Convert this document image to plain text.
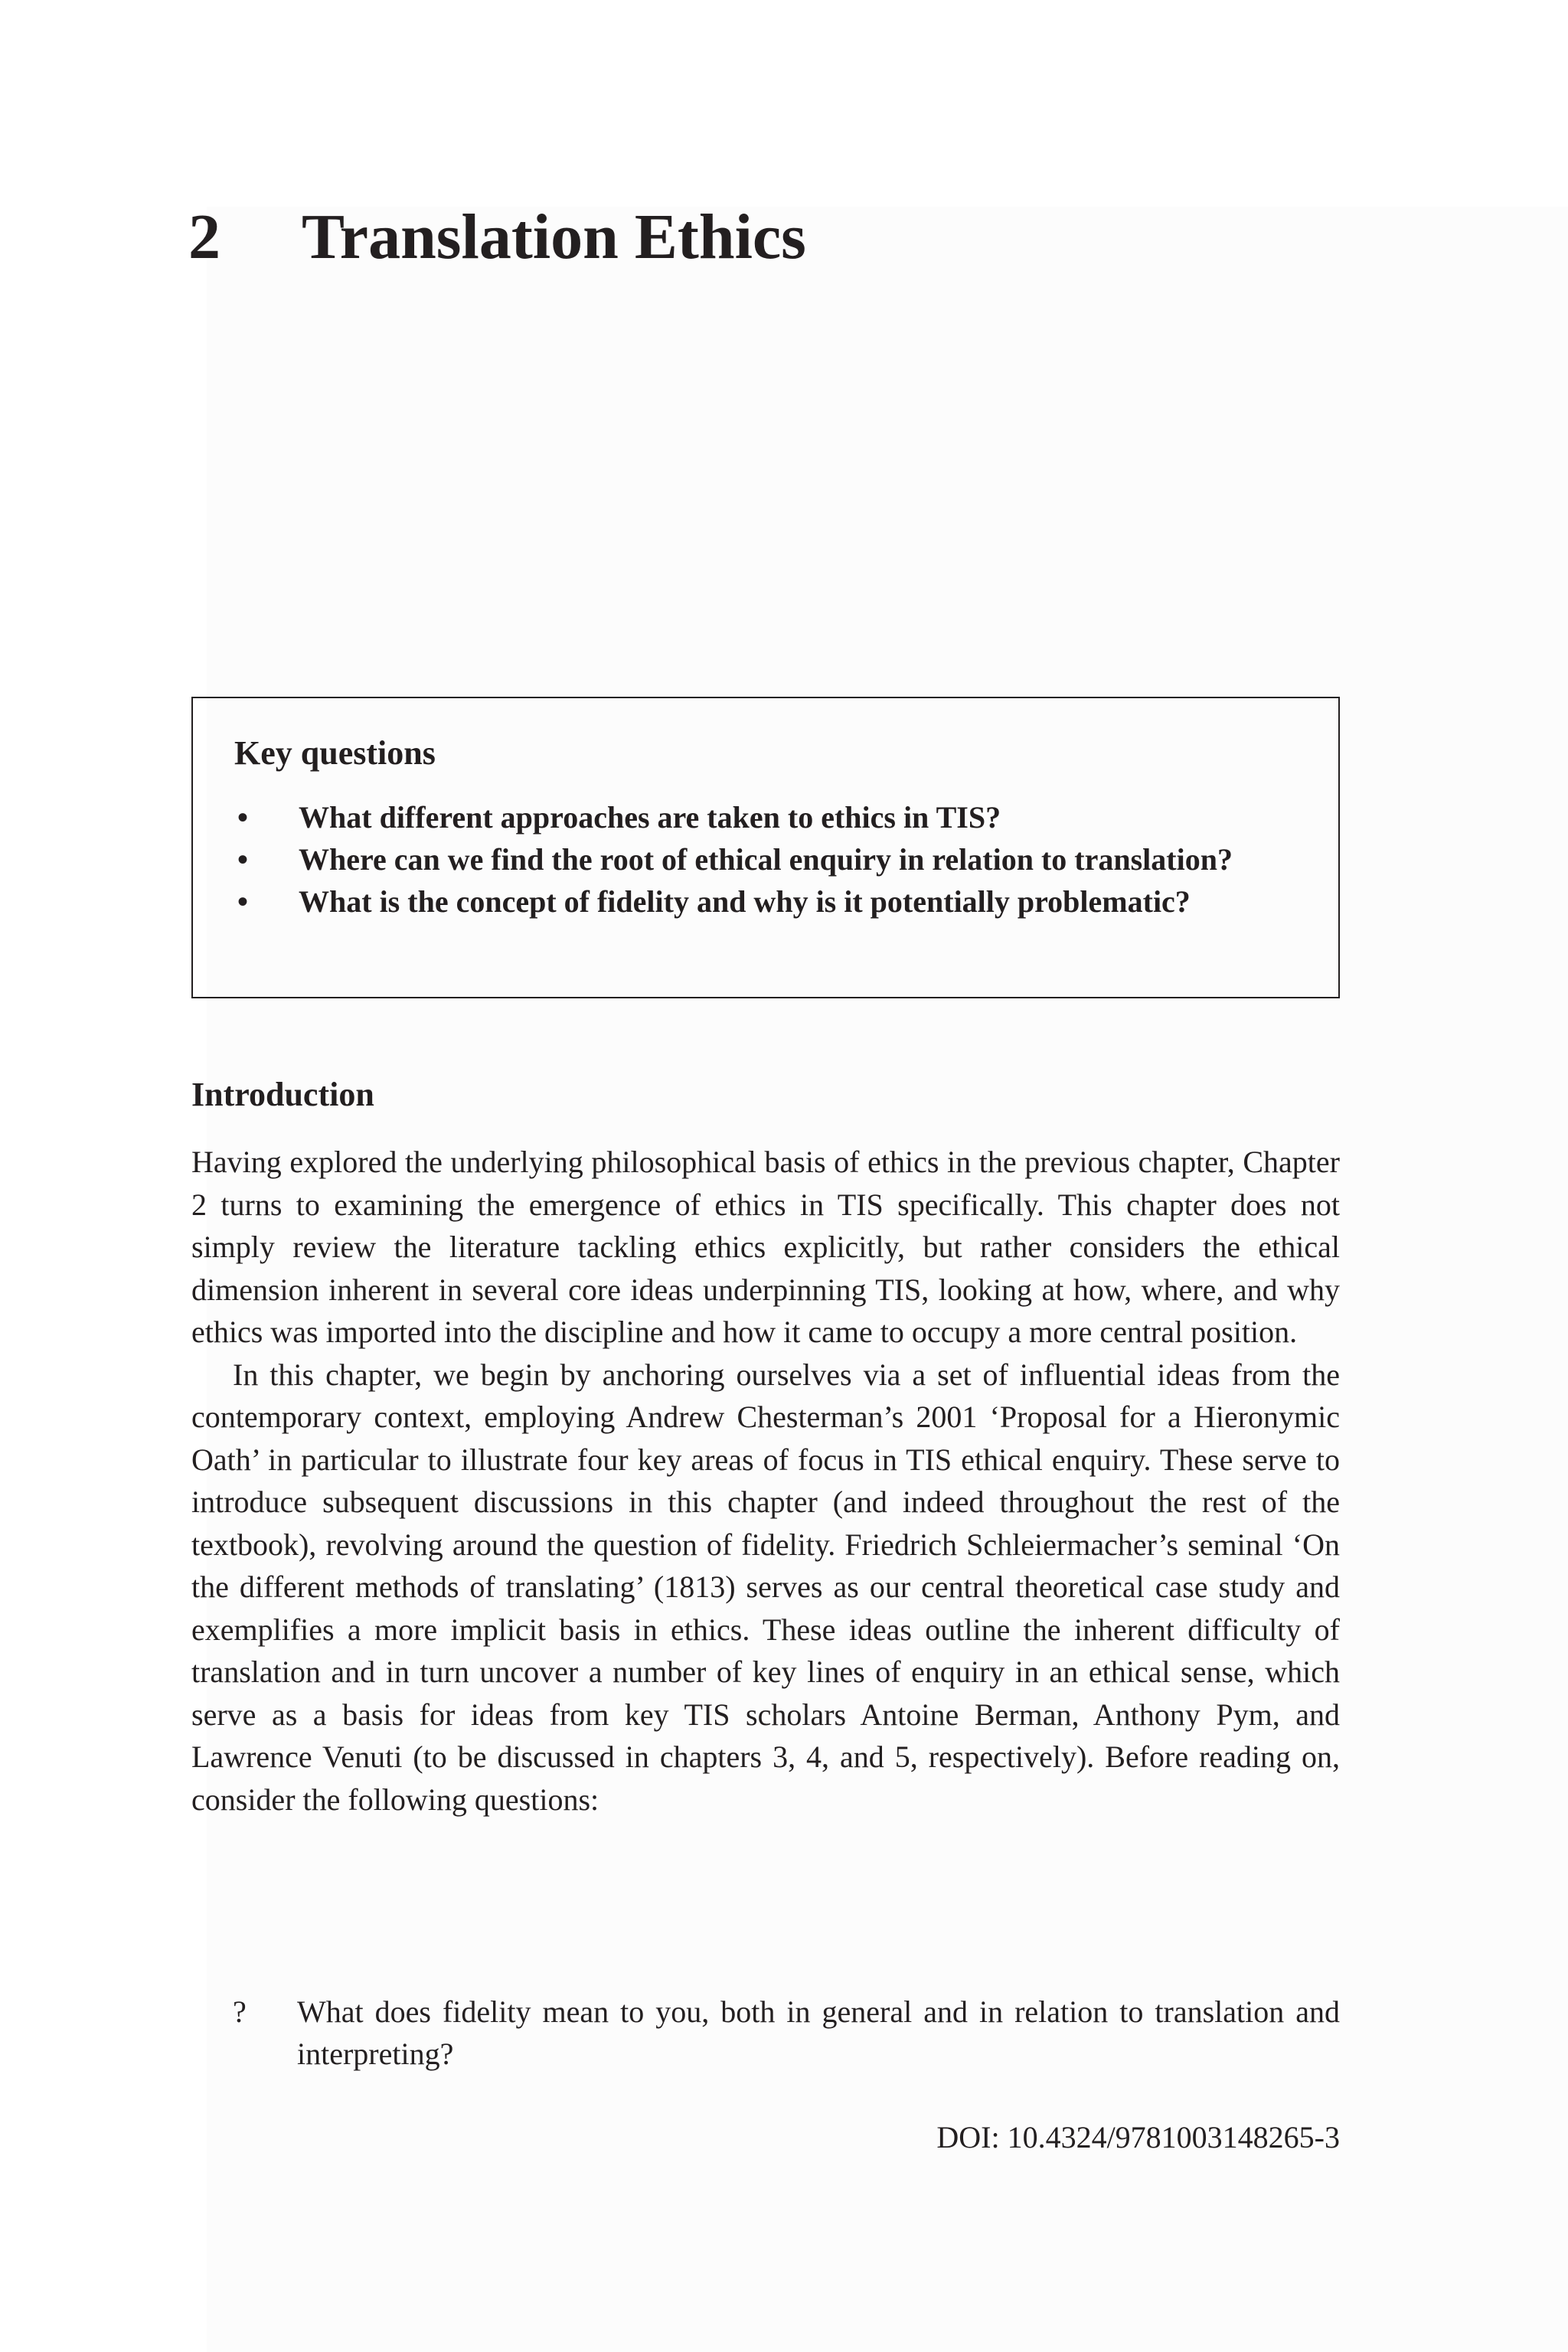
2 Translation Ethics
Key questions
• What different approaches are taken to ethics in TIS?
• Where can we find the root of ethical enquiry in relation to translation?
• What is the concept of fidelity and why is it potentially problematic?
Introduction

Having explored the underlying philosophical basis of ethics in the previous chapter, Chapter 2 turns to examining the emergence of ethics in TIS specifically. This chapter does not simply review the literature tackling ethics explicitly, but rather considers the ethical dimension inherent in several core ideas underpinning TIS, looking at how, where, and why ethics was imported into the discipline and how it came to occupy a more central position.

In this chapter, we begin by anchoring ourselves via a set of influential ideas from the contemporary context, employing Andrew Chesterman’s 2001 ‘Proposal for a Hieronymic Oath’ in particular to illustrate four key areas of focus in TIS ethical enquiry. These serve to introduce subsequent discussions in this chapter (and indeed throughout the rest of the textbook), revolving around the question of fidelity. Friedrich Schleiermacher’s seminal ‘On the different methods of translating’ (1813) serves as our central theoretical case study and exemplifies a more implicit basis in ethics. These ideas outline the inherent difficulty of translation and in turn uncover a number of key lines of enquiry in an ethical sense, which serve as a basis for ideas from key TIS scholars Antoine Berman, Anthony Pym, and Lawrence Venuti (to be discussed in chapters 3, 4, and 5, respectively). Before reading on, consider the following questions:

? What does fidelity mean to you, both in general and in relation to translation and interpreting?

DOI: 10.4324/9781003148265-3
